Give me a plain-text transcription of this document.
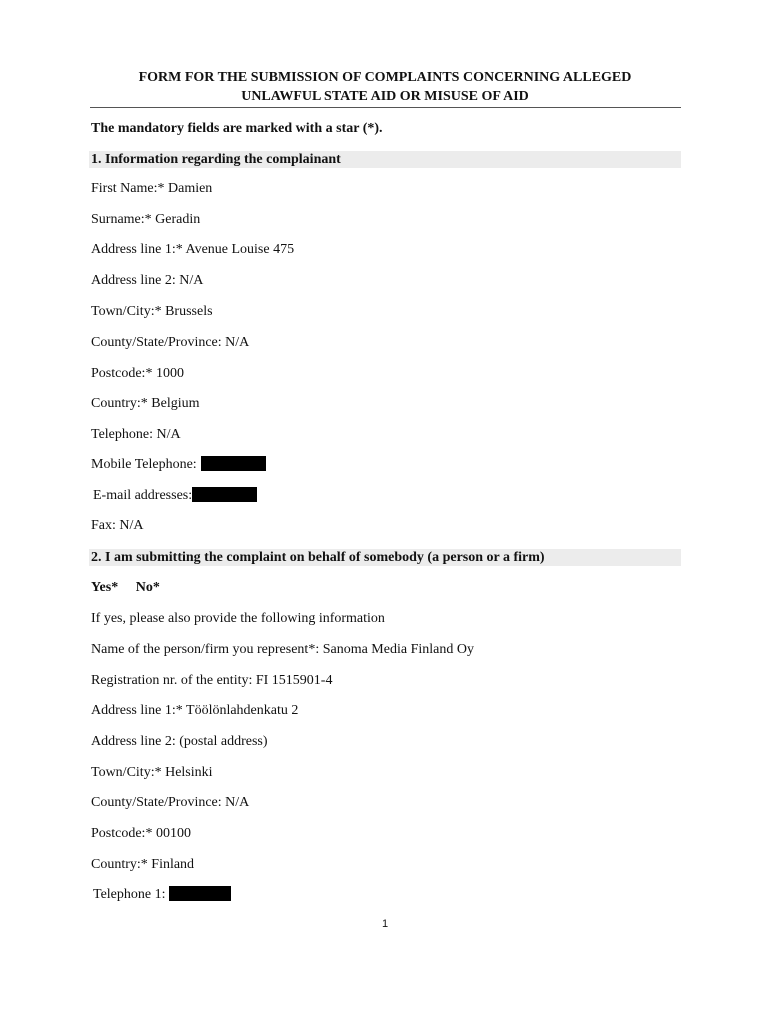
FORM FOR THE SUBMISSION OF COMPLAINTS CONCERNING ALLEGED
UNLAWFUL STATE AID OR MISUSE OF AID
The mandatory fields are marked with a star (*).
1. Information regarding the complainant
First Name:* Damien
Surname:* Geradin
Address line 1:* Avenue Louise 475
Address line 2: N/A
Town/City:* Brussels
County/State/Province: N/A
Postcode:* 1000
Country:* Belgium
Telephone: N/A
Mobile Telephone:
E-mail addresses:
Fax: N/A
2. I am submitting the complaint on behalf of somebody (a person or a firm)
Yes* No*
If yes, please also provide the following information
Name of the person/firm you represent*: Sanoma Media Finland Oy
Registration nr. of the entity: FI 1515901-4
Address line 1:* Töölönlahdenkatu 2
Address line 2: (postal address)
Town/City:* Helsinki
County/State/Province: N/A
Postcode:* 00100
Country:* Finland
Telephone 1:
1
